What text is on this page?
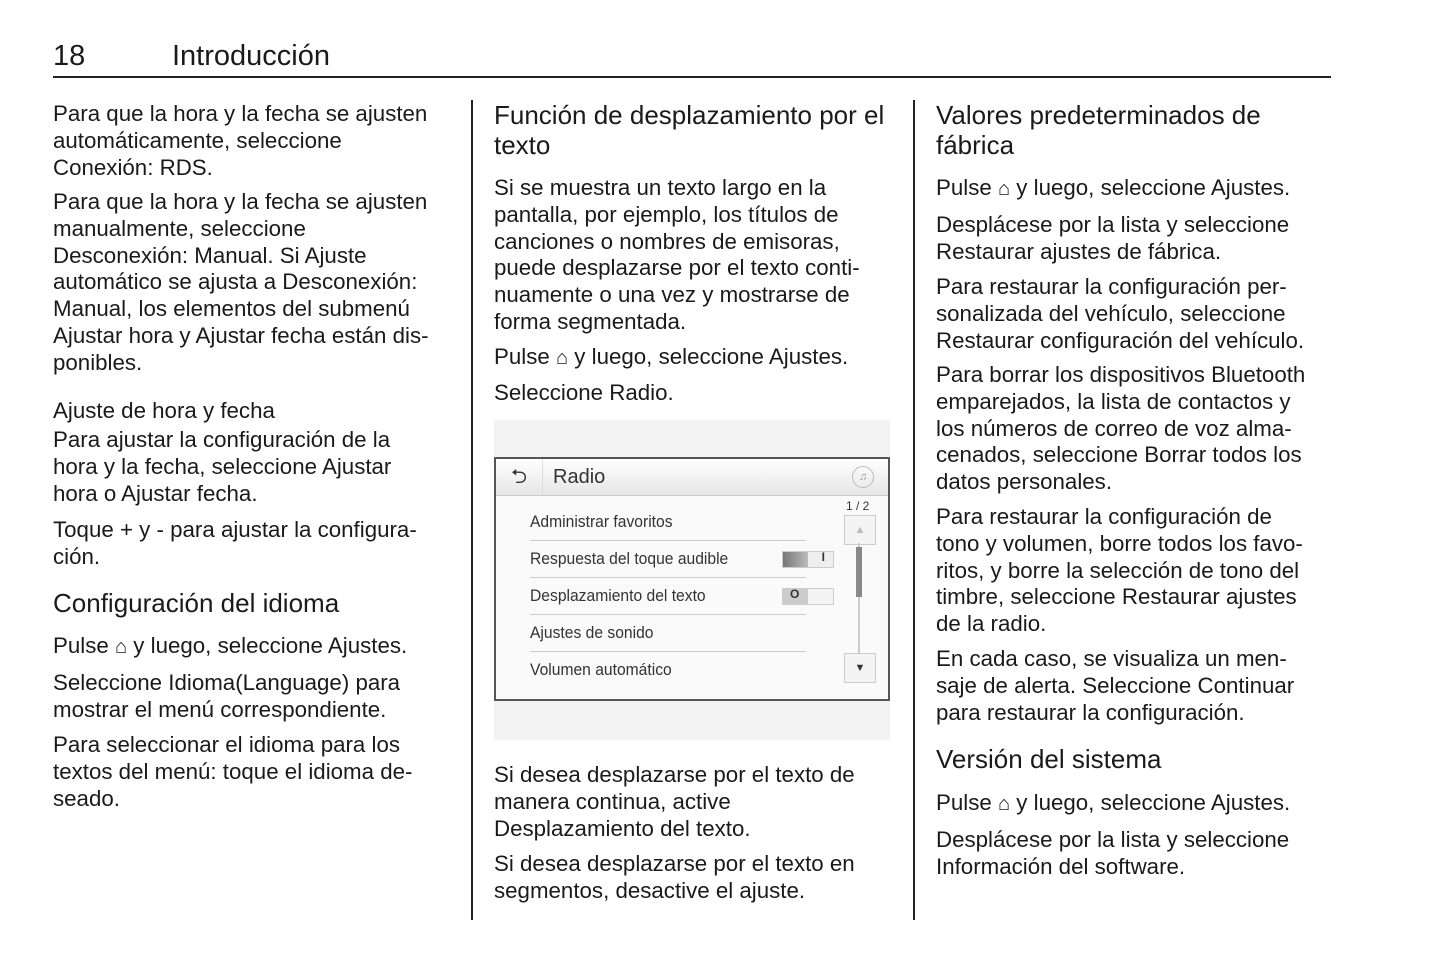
18	Introducción
Para que la hora y la fecha se ajusten
automáticamente, seleccione
Conexión: RDS.
Para que la hora y la fecha se ajusten
manualmente, seleccione
Desconexión: Manual. Si Ajuste
automático se ajusta a Desconexión:
Manual, los elementos del submenú
Ajustar hora y Ajustar fecha están dis-
ponibles.
Ajuste de hora y fecha
Para ajustar la configuración de la
hora y la fecha, seleccione Ajustar
hora o Ajustar fecha.
Toque + y - para ajustar la configura-
ción.
Configuración del idioma
Pulse ⌂ y luego, seleccione Ajustes.
Seleccione Idioma(Language) para
mostrar el menú correspondiente.
Para seleccionar el idioma para los
textos del menú: toque el idioma de-
seado.
Función de desplazamiento por el
texto
Si se muestra un texto largo en la
pantalla, por ejemplo, los títulos de
canciones o nombres de emisoras,
puede desplazarse por el texto conti-
nuamente o una vez y mostrarse de
forma segmentada.
Pulse ⌂ y luego, seleccione Ajustes.
Seleccione Radio.
⮌	Radio	♫
Administrar favoritos
Respuesta del toque audible	I
Desplazamiento del texto	O
Ajustes de sonido
Volumen automático
1 / 2
▲
▼
Si desea desplazarse por el texto de
manera continua, active
Desplazamiento del texto.
Si desea desplazarse por el texto en
segmentos, desactive el ajuste.
Valores predeterminados de
fábrica
Pulse ⌂ y luego, seleccione Ajustes.
Desplácese por la lista y seleccione
Restaurar ajustes de fábrica.
Para restaurar la configuración per-
sonalizada del vehículo, seleccione
Restaurar configuración del vehículo.
Para borrar los dispositivos Bluetooth
emparejados, la lista de contactos y
los números de correo de voz alma-
cenados, seleccione Borrar todos los
datos personales.
Para restaurar la configuración de
tono y volumen, borre todos los favo-
ritos, y borre la selección de tono del
timbre, seleccione Restaurar ajustes
de la radio.
En cada caso, se visualiza un men-
saje de alerta. Seleccione Continuar
para restaurar la configuración.
Versión del sistema
Pulse ⌂ y luego, seleccione Ajustes.
Desplácese por la lista y seleccione
Información del software.
